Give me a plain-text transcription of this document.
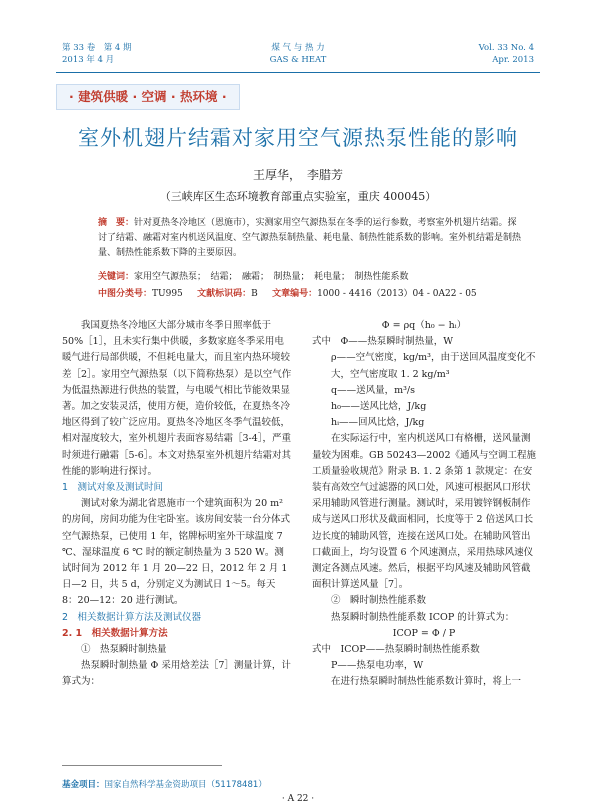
第 33 卷　第 4 期
2013 年 4 月
煤 气 与 热 力
GAS & HEAT
Vol. 33 No. 4
Apr. 2013
· 建筑供暖 · 空调 · 热环境 ·
室外机翅片结霜对家用空气源热泵性能的影响
王厚华，　李腊芳
（三峡库区生态环境教育部重点实验室，重庆 400045）
摘　要：针对夏热冬冷地区（恩施市），实测家用空气源热泵在冬季的运行参数，考察室外机翅片结霜。探讨了结霜、融霜对室内机送风温度、空气源热泵制热量、耗电量、制热性能系数的影响。室外机结霜是制热量、制热性能系数下降的主要原因。
关键词：家用空气源热泵；　结霜；　融霜；　制热量；　耗电量；　制热性能系数
中图分类号：TU995 文献标识码：B 文章编号：1000 - 4416（2013）04 - 0A22 - 05

我国夏热冬冷地区大部分城市冬季日照率低于 50%［1］，且未实行集中供暖，多数家庭冬季采用电暖气进行局部供暖，不但耗电量大，而且室内热环境较差［2］。家用空气源热泵（以下简称热泵）是以空气作为低温热源进行供热的装置，与电暖气相比节能效果显著。加之安装灵活，使用方便，造价较低，在夏热冬冷地区得到了较广泛应用。夏热冬冷地区冬季气温较低，相对湿度较大，室外机翅片表面容易结霜［3-4］，严重时须进行融霜［5-6］。本文对热泵室外机翅片结霜对其性能的影响进行探讨。

1　测试对象及测试时间

测试对象为湖北省恩施市一个建筑面积为 20 m² 的房间，房间功能为住宅卧室。该房间安装一台分体式空气源热泵，已使用 1 年，铭牌标明室外干球温度 7 ℃、湿球温度 6 ℃ 时的额定制热量为 3 520 W。测试时间为 2012 年 1 月 20—22 日，2012 年 2 月 1 日—2 日，共 5 d，分别定义为测试日 1～5。每天 8：20—12：20 进行测试。

2　相关数据计算方法及测试仪器

2. 1　相关数据计算方法

①　热泵瞬时制热量

热泵瞬时制热量 Φ 采用焓差法［7］测量计算，计算式为：

Φ = ρq（h₀ − hᵢ）

式中　Φ——热泵瞬时制热量，W

ρ——空气密度，kg/m³，由于送回风温度变化不大，空气密度取 1. 2 kg/m³

q——送风量，m³/s

h₀——送风比焓，J/kg

hᵢ——回风比焓，J/kg

在实际运行中，室内机送风口有格栅，送风量测量较为困难。GB 50243—2002《通风与空调工程施工质量验收规范》附录 B. 1. 2 条第 1 款规定：在安装有高效空气过滤器的风口处，风速可根据风口形状采用辅助风管进行测量。测试时，采用镀锌钢板制作成与送风口形状及截面相同，长度等于 2 倍送风口长边长度的辅助风管，连接在送风口处。在辅助风管出口截面上，均匀设置 6 个风速测点，采用热球风速仪测定各测点风速。然后，根据平均风速及辅助风管截面积计算送风量［7］。

②　瞬时制热性能系数

热泵瞬时制热性能系数 ICOP 的计算式为：

ICOP = Φ / P

式中　ICOP——热泵瞬时制热性能系数

P——热泵电功率，W

在进行热泵瞬时制热性能系数计算时，将上一

基金项目：国家自然科学基金资助项目（51178481）
· A 22 ·
